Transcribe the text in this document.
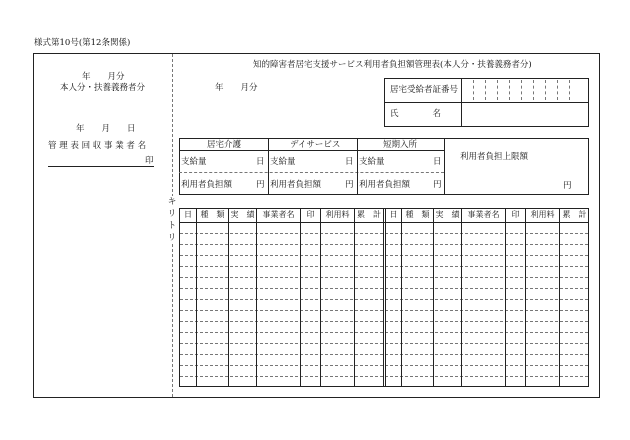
様式第10号(第12条関係)
キ
リ
ト
リ
年　　月分
本人分・扶養義務者分
年　　月　　日
管 理 表 回 収 事 業 者 名
印
知的障害者居宅支援サービス利用者負担額管理表(本人分・扶養義務者分)
年　　月分	居宅受給者証番号
氏　　　　名
居宅介護
支給量	日
利用者負担額	円
デイサービス
支給量	日
利用者負担額	円
短期入所
支給量	日
利用者負担額	円
利用者負担上限額
円
日	種　類 実　績	事業者名	印	利用料 累　計	日	種　類 実　績	事業者名	印	利用料	累　計
